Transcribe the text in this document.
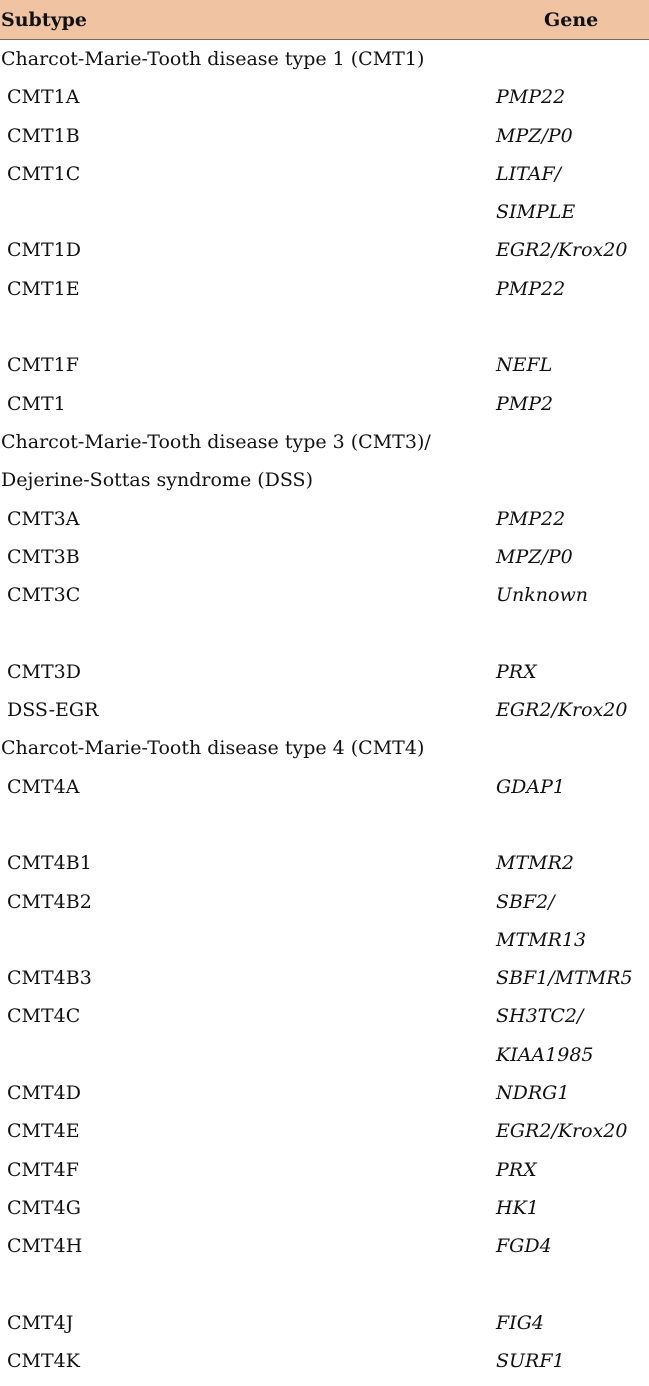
Subtype	Gene
Charcot-Marie-Tooth disease type 1 (CMT1)
CMT1A	PMP22
CMT1B	MPZ/P0
CMT1C	LITAF/
SIMPLE
CMT1D	EGR2/Krox20
CMT1E	PMP22
CMT1F	NEFL
CMT1	PMP2
Charcot-Marie-Tooth disease type 3 (CMT3)/
Dejerine-Sottas syndrome (DSS)
CMT3A	PMP22
CMT3B	MPZ/P0
CMT3C	Unknown
CMT3D	PRX
DSS-EGR	EGR2/Krox20
Charcot-Marie-Tooth disease type 4 (CMT4)
CMT4A	GDAP1
CMT4B1	MTMR2
CMT4B2	SBF2/
MTMR13
CMT4B3	SBF1/MTMR5
CMT4C	SH3TC2/
KIAA1985
CMT4D	NDRG1
CMT4E	EGR2/Krox20
CMT4F	PRX
CMT4G	HK1
CMT4H	FGD4
CMT4J	FIG4
CMT4K	SURF1
